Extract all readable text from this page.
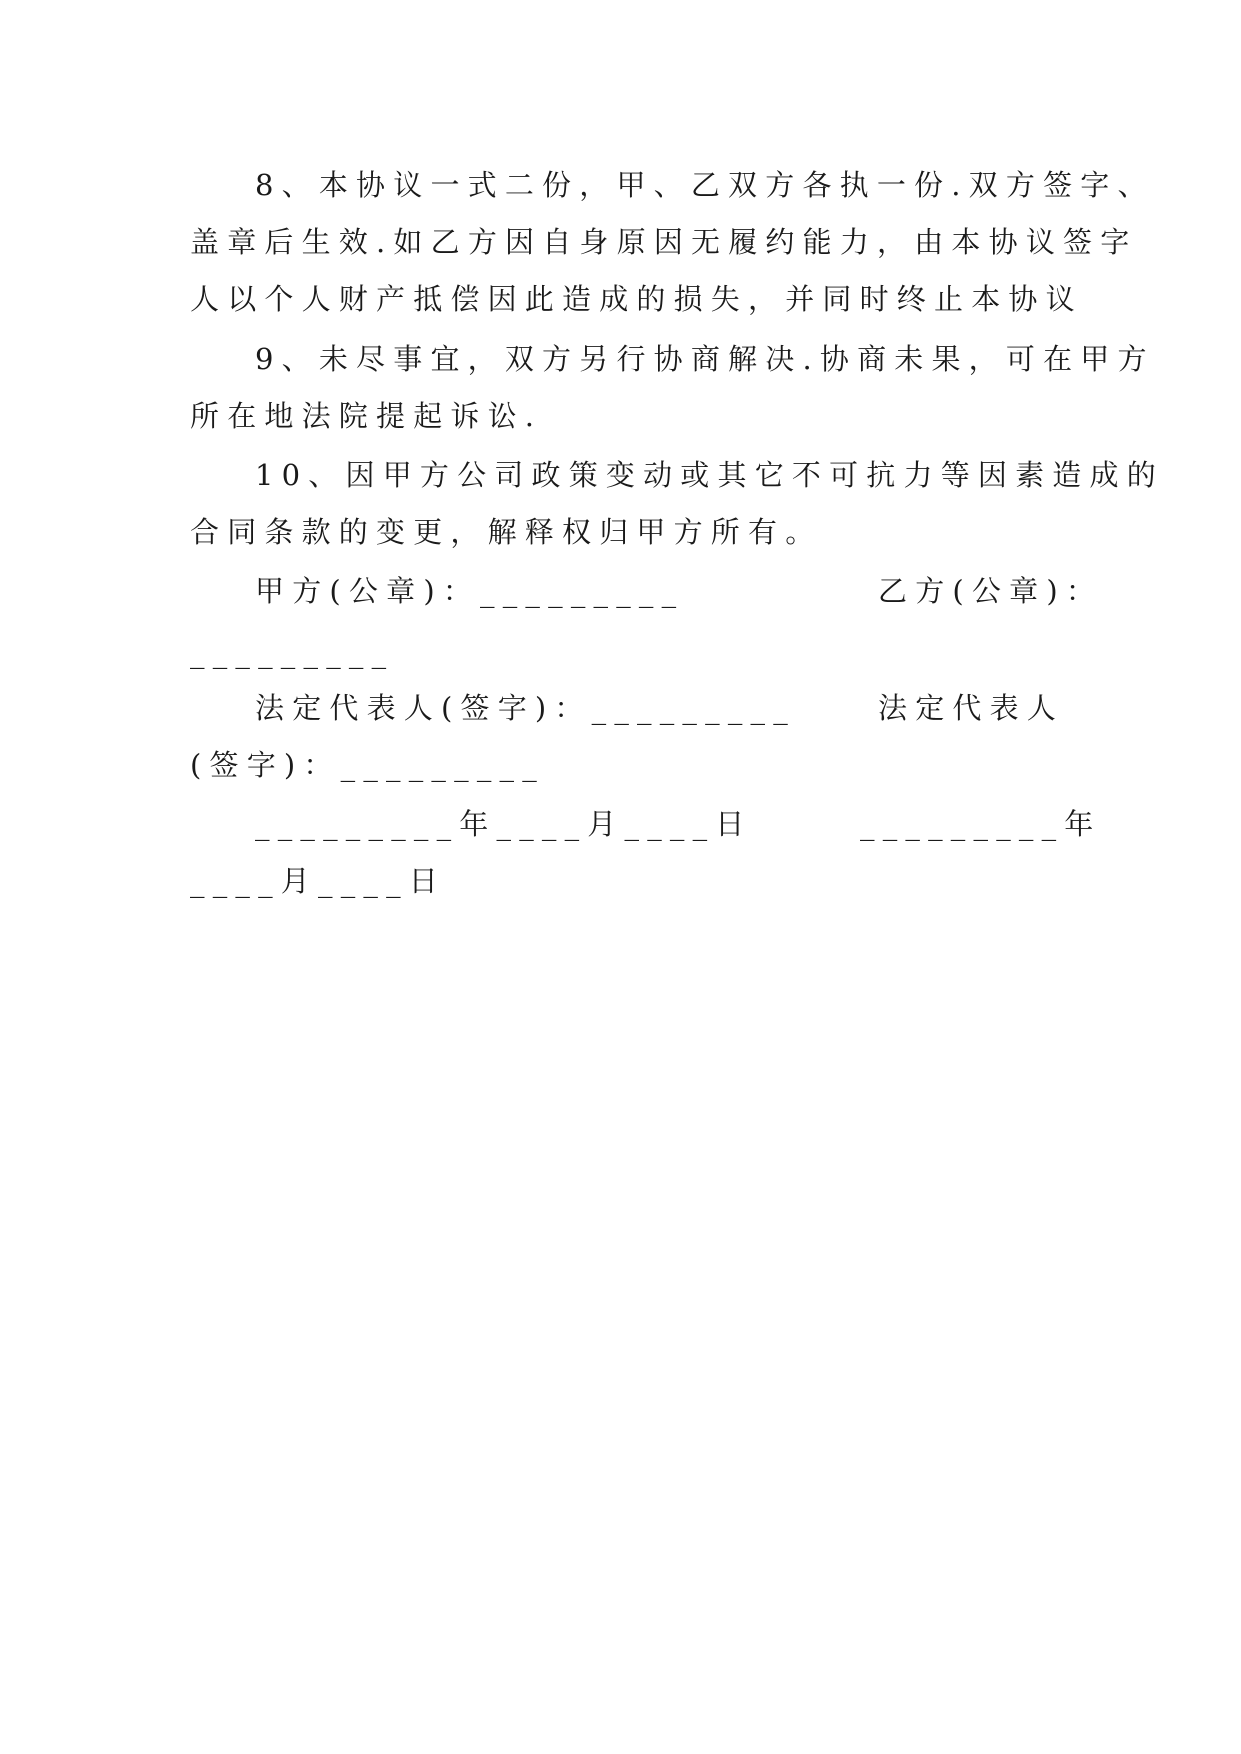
8、本协议一式二份，甲、乙双方各执一份.双方签字、
盖章后生效.如乙方因自身原因无履约能力，由本协议签字
人以个人财产抵偿因此造成的损失，并同时终止本协议
9、未尽事宜，双方另行协商解决.协商未果，可在甲方
所在地法院提起诉讼.
10、因甲方公司政策变动或其它不可抗力等因素造成的
合同条款的变更，解释权归甲方所有。
甲方(公章)：_________	乙方(公章)：
_________
法定代表人(签字)：_________	法定代表人
(签字)：_________
_________年____月____日	_________年
____月____日
